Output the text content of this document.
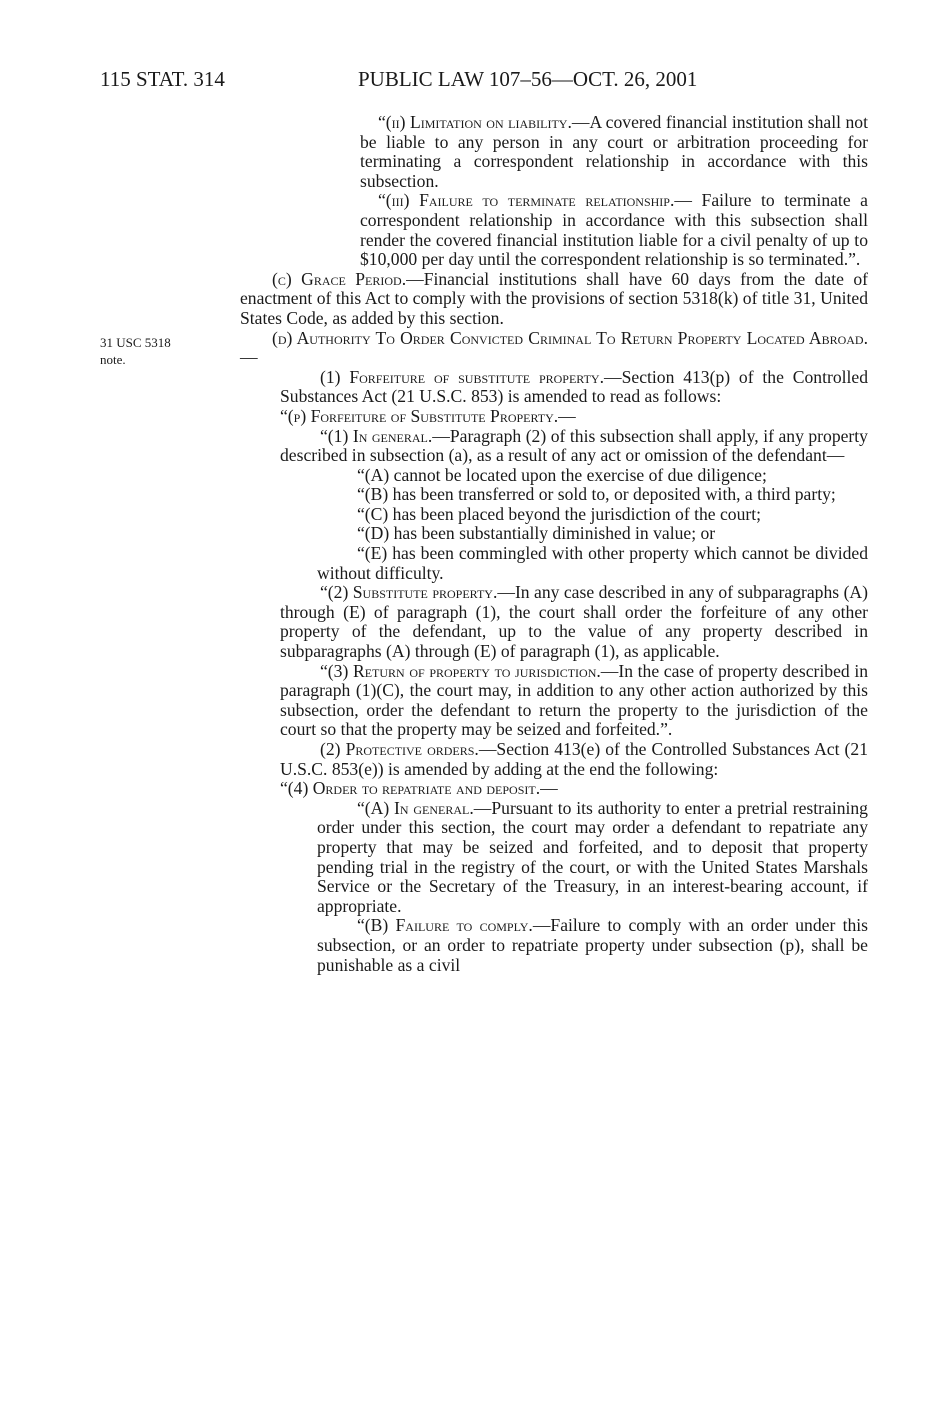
115 STAT. 314	PUBLIC LAW 107–56—OCT. 26, 2001
31 USC 5318
note.

“(ii) Limitation on liability.—A covered financial institution shall not be liable to any person in any court or arbitration proceeding for terminating a correspondent relationship in accordance with this subsection.

“(iii) Failure to terminate relationship.— Failure to terminate a correspondent relationship in accordance with this subsection shall render the covered financial institution liable for a civil penalty of up to $10,000 per day until the correspondent relationship is so terminated.”.

(c) Grace Period.—Financial institutions shall have 60 days from the date of enactment of this Act to comply with the provisions of section 5318(k) of title 31, United States Code, as added by this section.

(d) Authority To Order Convicted Criminal To Return Property Located Abroad.—

(1) Forfeiture of substitute property.—Section 413(p) of the Controlled Substances Act (21 U.S.C. 853) is amended to read as follows:

“(p) Forfeiture of Substitute Property.—

“(1) In general.—Paragraph (2) of this subsection shall apply, if any property described in subsection (a), as a result of any act or omission of the defendant—

“(A) cannot be located upon the exercise of due diligence;

“(B) has been transferred or sold to, or deposited with, a third party;

“(C) has been placed beyond the jurisdiction of the court;

“(D) has been substantially diminished in value; or

“(E) has been commingled with other property which cannot be divided without difficulty.

“(2) Substitute property.—In any case described in any of subparagraphs (A) through (E) of paragraph (1), the court shall order the forfeiture of any other property of the defendant, up to the value of any property described in subparagraphs (A) through (E) of paragraph (1), as applicable.

“(3) Return of property to jurisdiction.—In the case of property described in paragraph (1)(C), the court may, in addition to any other action authorized by this subsection, order the defendant to return the property to the jurisdiction of the court so that the property may be seized and forfeited.”.

(2) Protective orders.—Section 413(e) of the Controlled Substances Act (21 U.S.C. 853(e)) is amended by adding at the end the following:

“(4) Order to repatriate and deposit.—

“(A) In general.—Pursuant to its authority to enter a pretrial restraining order under this section, the court may order a defendant to repatriate any property that may be seized and forfeited, and to deposit that property pending trial in the registry of the court, or with the United States Marshals Service or the Secretary of the Treasury, in an interest-bearing account, if appropriate.

“(B) Failure to comply.—Failure to comply with an order under this subsection, or an order to repatriate property under subsection (p), shall be punishable as a civil
